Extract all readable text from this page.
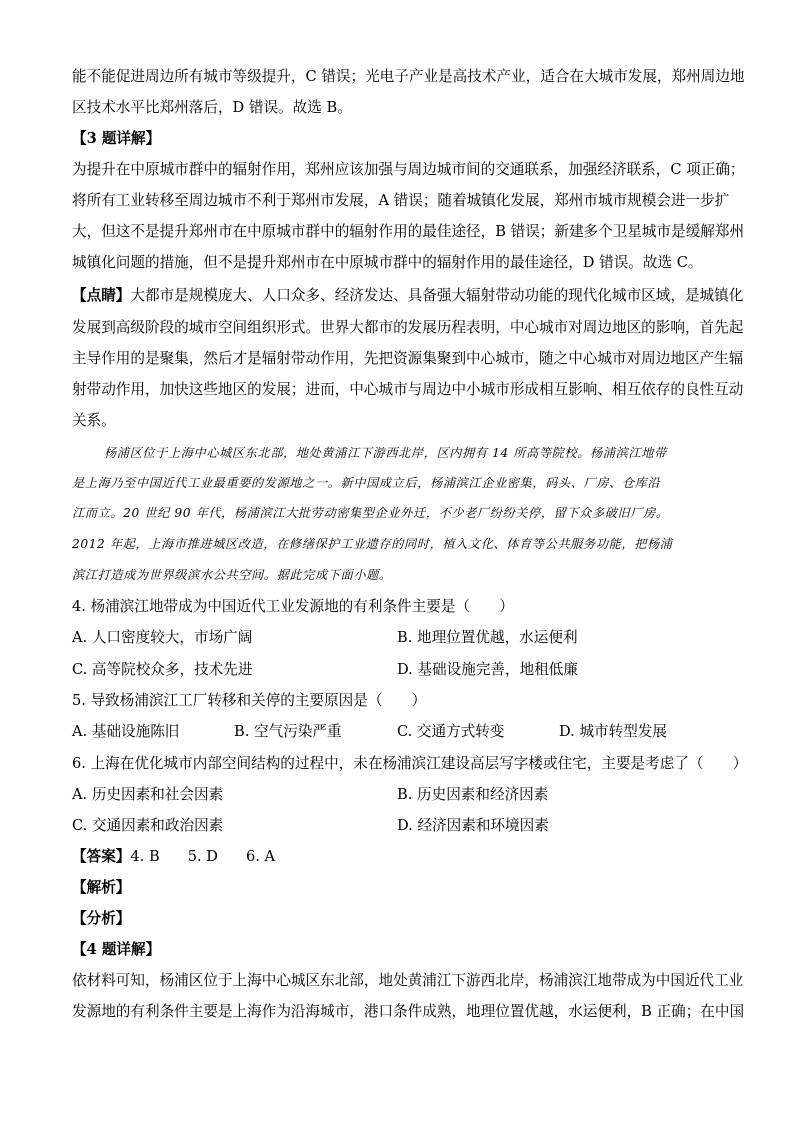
能不能促进周边所有城市等级提升，C 错误；光电子产业是高技术产业，适合在大城市发展，郑州周边地
区技术水平比郑州落后，D 错误。故选 B。
【3 题详解】
为提升在中原城市群中的辐射作用，郑州应该加强与周边城市间的交通联系，加强经济联系，C 项正确；
将所有工业转移至周边城市不利于郑州市发展，A 错误；随着城镇化发展，郑州市城市规模会进一步扩
大，但这不是提升郑州市在中原城市群中的辐射作用的最佳途径，B 错误；新建多个卫星城市是缓解郑州
城镇化问题的措施，但不是提升郑州市在中原城市群中的辐射作用的最佳途径，D 错误。故选 C。
【点睛】大都市是规模庞大、人口众多、经济发达、具备强大辐射带动功能的现代化城市区域，是城镇化
发展到高级阶段的城市空间组织形式。世界大都市的发展历程表明，中心城市对周边地区的影响，首先起
主导作用的是聚集，然后才是辐射带动作用，先把资源集聚到中心城市，随之中心城市对周边地区产生辐
射带动作用，加快这些地区的发展；进而，中心城市与周边中小城市形成相互影响、相互依存的良性互动
关系。
杨浦区位于上海中心城区东北部，地处黄浦江下游西北岸，区内拥有 14 所高等院校。杨浦滨江地带
是上海乃至中国近代工业最重要的发源地之一。新中国成立后，杨浦滨江企业密集，码头、厂房、仓库沿
江而立。20 世纪 90 年代，杨浦滨江大批劳动密集型企业外迁，不少老厂纷纷关停，留下众多破旧厂房。
2012 年起，上海市推进城区改造，在修缮保护工业遗存的同时，植入文化、体育等公共服务功能，把杨浦
滨江打造成为世界级滨水公共空间。据此完成下面小题。
4. 杨浦滨江地带成为中国近代工业发源地的有利条件主要是（　　）
A. 人口密度较大，市场广阔	B. 地理位置优越，水运便利
C. 高等院校众多，技术先进	D. 基础设施完善，地租低廉
5. 导致杨浦滨江工厂转移和关停的主要原因是（　　）
A. 基础设施陈旧	B. 空气污染严重	C. 交通方式转变	D. 城市转型发展
6. 上海在优化城市内部空间结构的过程中，未在杨浦滨江建设高层写字楼或住宅，主要是考虑了（　　）
A. 历史因素和社会因素	B. 历史因素和经济因素
C. 交通因素和政治因素	D. 经济因素和环境因素
【答案】4. B 5. D 6. A
【解析】
【分析】
【4 题详解】
依材料可知，杨浦区位于上海中心城区东北部，地处黄浦江下游西北岸，杨浦滨江地带成为中国近代工业
发源地的有利条件主要是上海作为沿海城市，港口条件成熟，地理位置优越，水运便利，B 正确；在中国
